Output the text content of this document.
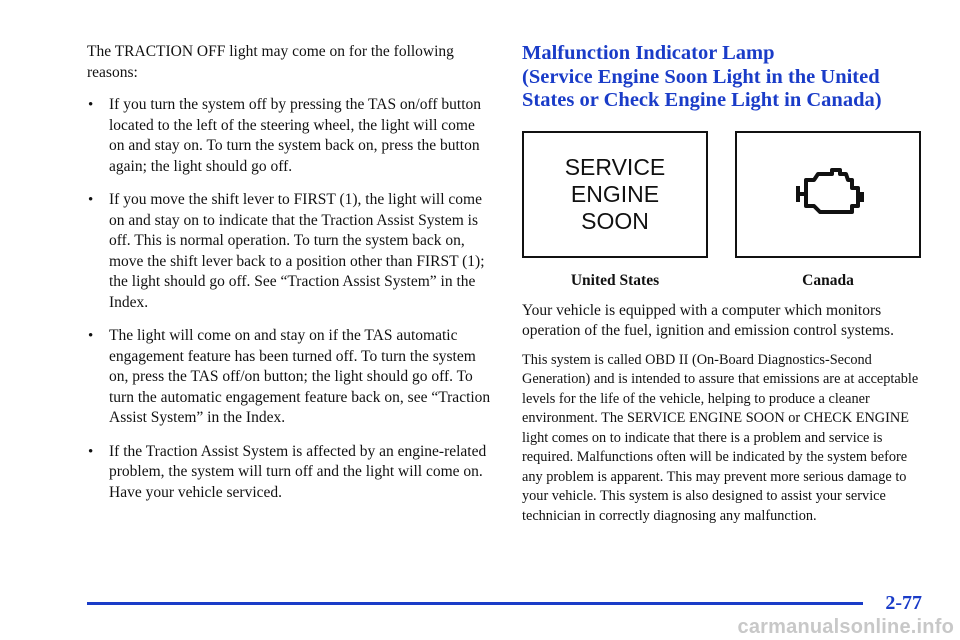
The TRACTION OFF light may come on for the following reasons:

• If you turn the system off by pressing the TAS on/off button located to the left of the steering wheel, the light will come on and stay on. To turn the system back on, press the button again; the light should go off.
• If you move the shift lever to FIRST (1), the light will come on and stay on to indicate that the Traction Assist System is off. This is normal operation. To turn the system back on, move the shift lever back to a position other than FIRST (1); the light should go off. See “Traction Assist System” in the Index.
• The light will come on and stay on if the TAS automatic engagement feature has been turned off. To turn the system on, press the TAS off/on button; the light should go off. To turn the automatic engagement feature back on, see “Traction Assist System” in the Index.
• If the Traction Assist System is affected by an engine-related problem, the system will turn off and the light will come on. Have your vehicle serviced.
Malfunction Indicator Lamp
(Service Engine Soon Light in the United
States or Check Engine Light in Canada)
SERVICE
ENGINE
SOON
United States	Canada

Your vehicle is equipped with a computer which monitors operation of the fuel, ignition and emission control systems.

This system is called OBD II (On-Board Diagnostics-Second Generation) and is intended to assure that emissions are at acceptable levels for the life of the vehicle, helping to produce a cleaner environment. The SERVICE ENGINE SOON or CHECK ENGINE light comes on to indicate that there is a problem and service is required. Malfunctions often will be indicated by the system before any problem is apparent. This may prevent more serious damage to your vehicle. This system is also designed to assist your service technician in correctly diagnosing any malfunction.

2-77
carmanualsonline.info
